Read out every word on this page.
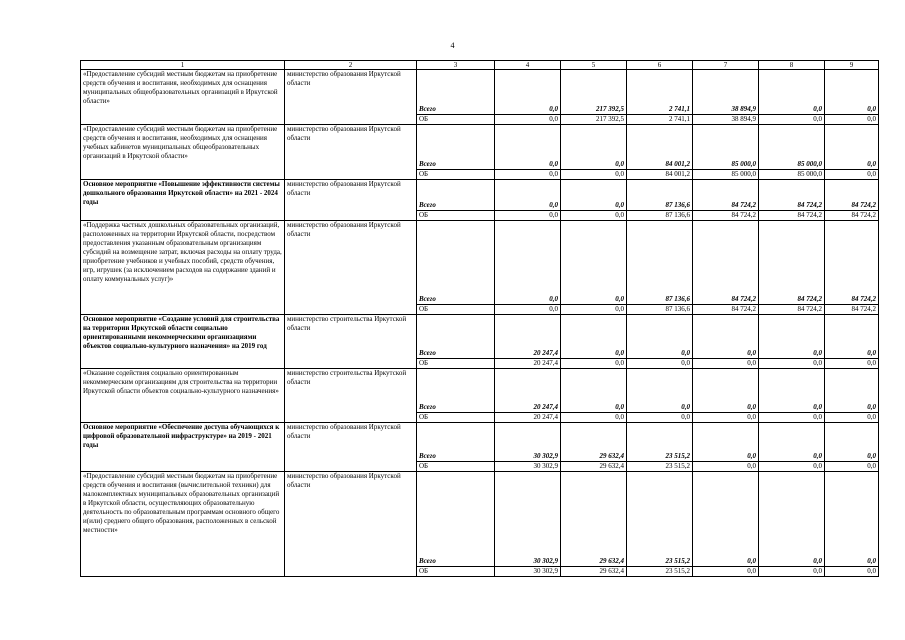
4
1	2	3	4	5	6	7	8	9
«Предоставление субсидий местным бюджетам на приобретение средств обучения и воспитания, необходимых для оснащения муниципальных общеобразовательных организаций в Иркутской области»	министерство образования Иркутской области	Всего	0,0	217 392,5	2 741,1	38 894,9	0,0	0,0
		ОБ	0,0	217 392,5	2 741,1	38 894,9	0,0	0,0
«Предоставление субсидий местным бюджетам на приобретение средств обучения и воспитания, необходимых для оснащения учебных кабинетов муниципальных общеобразовательных организаций в Иркутской области»	министерство образования Иркутской области	Всего	0,0	0,0	84 001,2	85 000,0	85 000,0	0,0
		ОБ	0,0	0,0	84 001,2	85 000,0	85 000,0	0,0
Основное мероприятие «Повышение эффективности системы дошкольного образования Иркутской области» на 2021 - 2024 годы	министерство образования Иркутской области	Всего	0,0	0,0	87 136,6	84 724,2	84 724,2	84 724,2
		ОБ	0,0	0,0	87 136,6	84 724,2	84 724,2	84 724,2
«Поддержка частных дошкольных образовательных организаций, расположенных на территории Иркутской области, посредством предоставления указанным образовательным организациям субсидий на возмещение затрат, включая расходы на оплату труда, приобретение учебников и учебных пособий, средств обучения, игр, игрушек (за исключением расходов на содержание зданий и оплату коммунальных услуг)»	министерство образования Иркутской области	Всего	0,0	0,0	87 136,6	84 724,2	84 724,2	84 724,2
		ОБ	0,0	0,0	87 136,6	84 724,2	84 724,2	84 724,2
Основное мероприятие «Создание условий для строительства на территории Иркутской области социально ориентированными некоммерческими организациями объектов социально-культурного назначения» на 2019 год	министерство строительства Иркутской области	Всего	20 247,4	0,0	0,0	0,0	0,0	0,0
		ОБ	20 247,4	0,0	0,0	0,0	0,0	0,0
«Оказание содействия социально ориентированным некоммерческим организациям для строительства на территории Иркутской области объектов социально-культурного назначения»	министерство строительства Иркутской области	Всего	20 247,4	0,0	0,0	0,0	0,0	0,0
		ОБ	20 247,4	0,0	0,0	0,0	0,0	0,0
Основное мероприятие «Обеспечение доступа обучающихся к цифровой образовательной инфраструктуре» на 2019 - 2021 годы	министерство образования Иркутской области	Всего	30 302,9	29 632,4	23 515,2	0,0	0,0	0,0
		ОБ	30 302,9	29 632,4	23 515,2	0,0	0,0	0,0
«Предоставление субсидий местным бюджетам на приобретение средств обучения и воспитания (вычислительной техники) для малокомплектных муниципальных образовательных организаций в Иркутской области, осуществляющих образовательную деятельность по образовательным программам основного общего и(или) среднего общего образования, расположенных в сельской местности»	министерство образования Иркутской области	Всего	30 302,9	29 632,4	23 515,2	0,0	0,0	0,0
		ОБ	30 302,9	29 632,4	23 515,2	0,0	0,0	0,0
